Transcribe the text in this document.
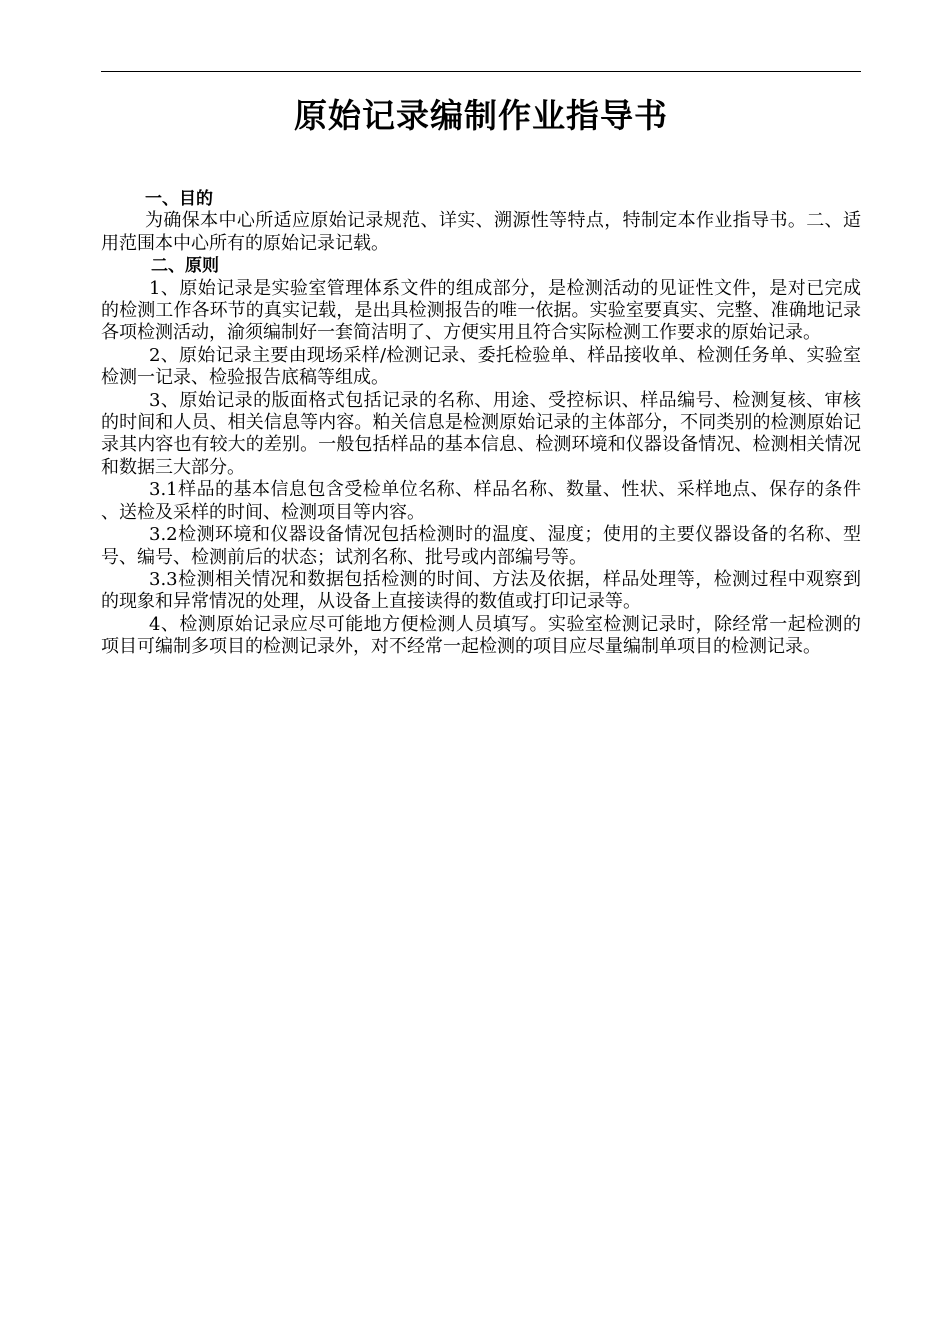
原始记录编制作业指导书

一、目的

为确保本中心所适应原始记录规范、详实、溯源性等特点，特制定本作业指导书。二、适用范围本中心所有的原始记录记载。

二、原则

1、原始记录是实验室管理体系文件的组成部分，是检测活动的见证性文件，是对已完成的检测工作各环节的真实记载，是出具检测报告的唯一依据。实验室要真实、完整、准确地记录各项检测活动，渝须编制好一套简洁明了、方便实用且符合实际检测工作要求的原始记录。

2、原始记录主要由现场采样/检测记录、委托检验单、样品接收单、检测任务单、实验室检测一记录、检验报告底稿等组成。

3、原始记录的版面格式包括记录的名称、用途、受控标识、样品编号、检测复核、审核的时间和人员、相关信息等内容。粕关信息是检测原始记录的主体部分，不同类别的检测原始记录其内容也有较大的差别。一般包括样品的基本信息、检测环境和仪器设备情况、检测相关情况和数据三大部分。

3.1样品的基本信息包含受检单位名称、样品名称、数量、性状、采样地点、保存的条件、送检及采样的时间、检测项目等内容。

3.2检测环境和仪器设备情况包括检测时的温度、湿度；使用的主要仪器设备的名称、型号、编号、检测前后的状态；试剂名称、批号或内部编号等。

3.3检测相关情况和数据包括检测的时间、方法及依据，样品处理等，检测过程中观察到的现象和异常情况的处理，从设备上直接读得的数值或打印记录等。

4、检测原始记录应尽可能地方便检测人员填写。实验室检测记录时，除经常一起检测的项目可编制多项目的检测记录外，对不经常一起检测的项目应尽量编制单项目的检测记录。
